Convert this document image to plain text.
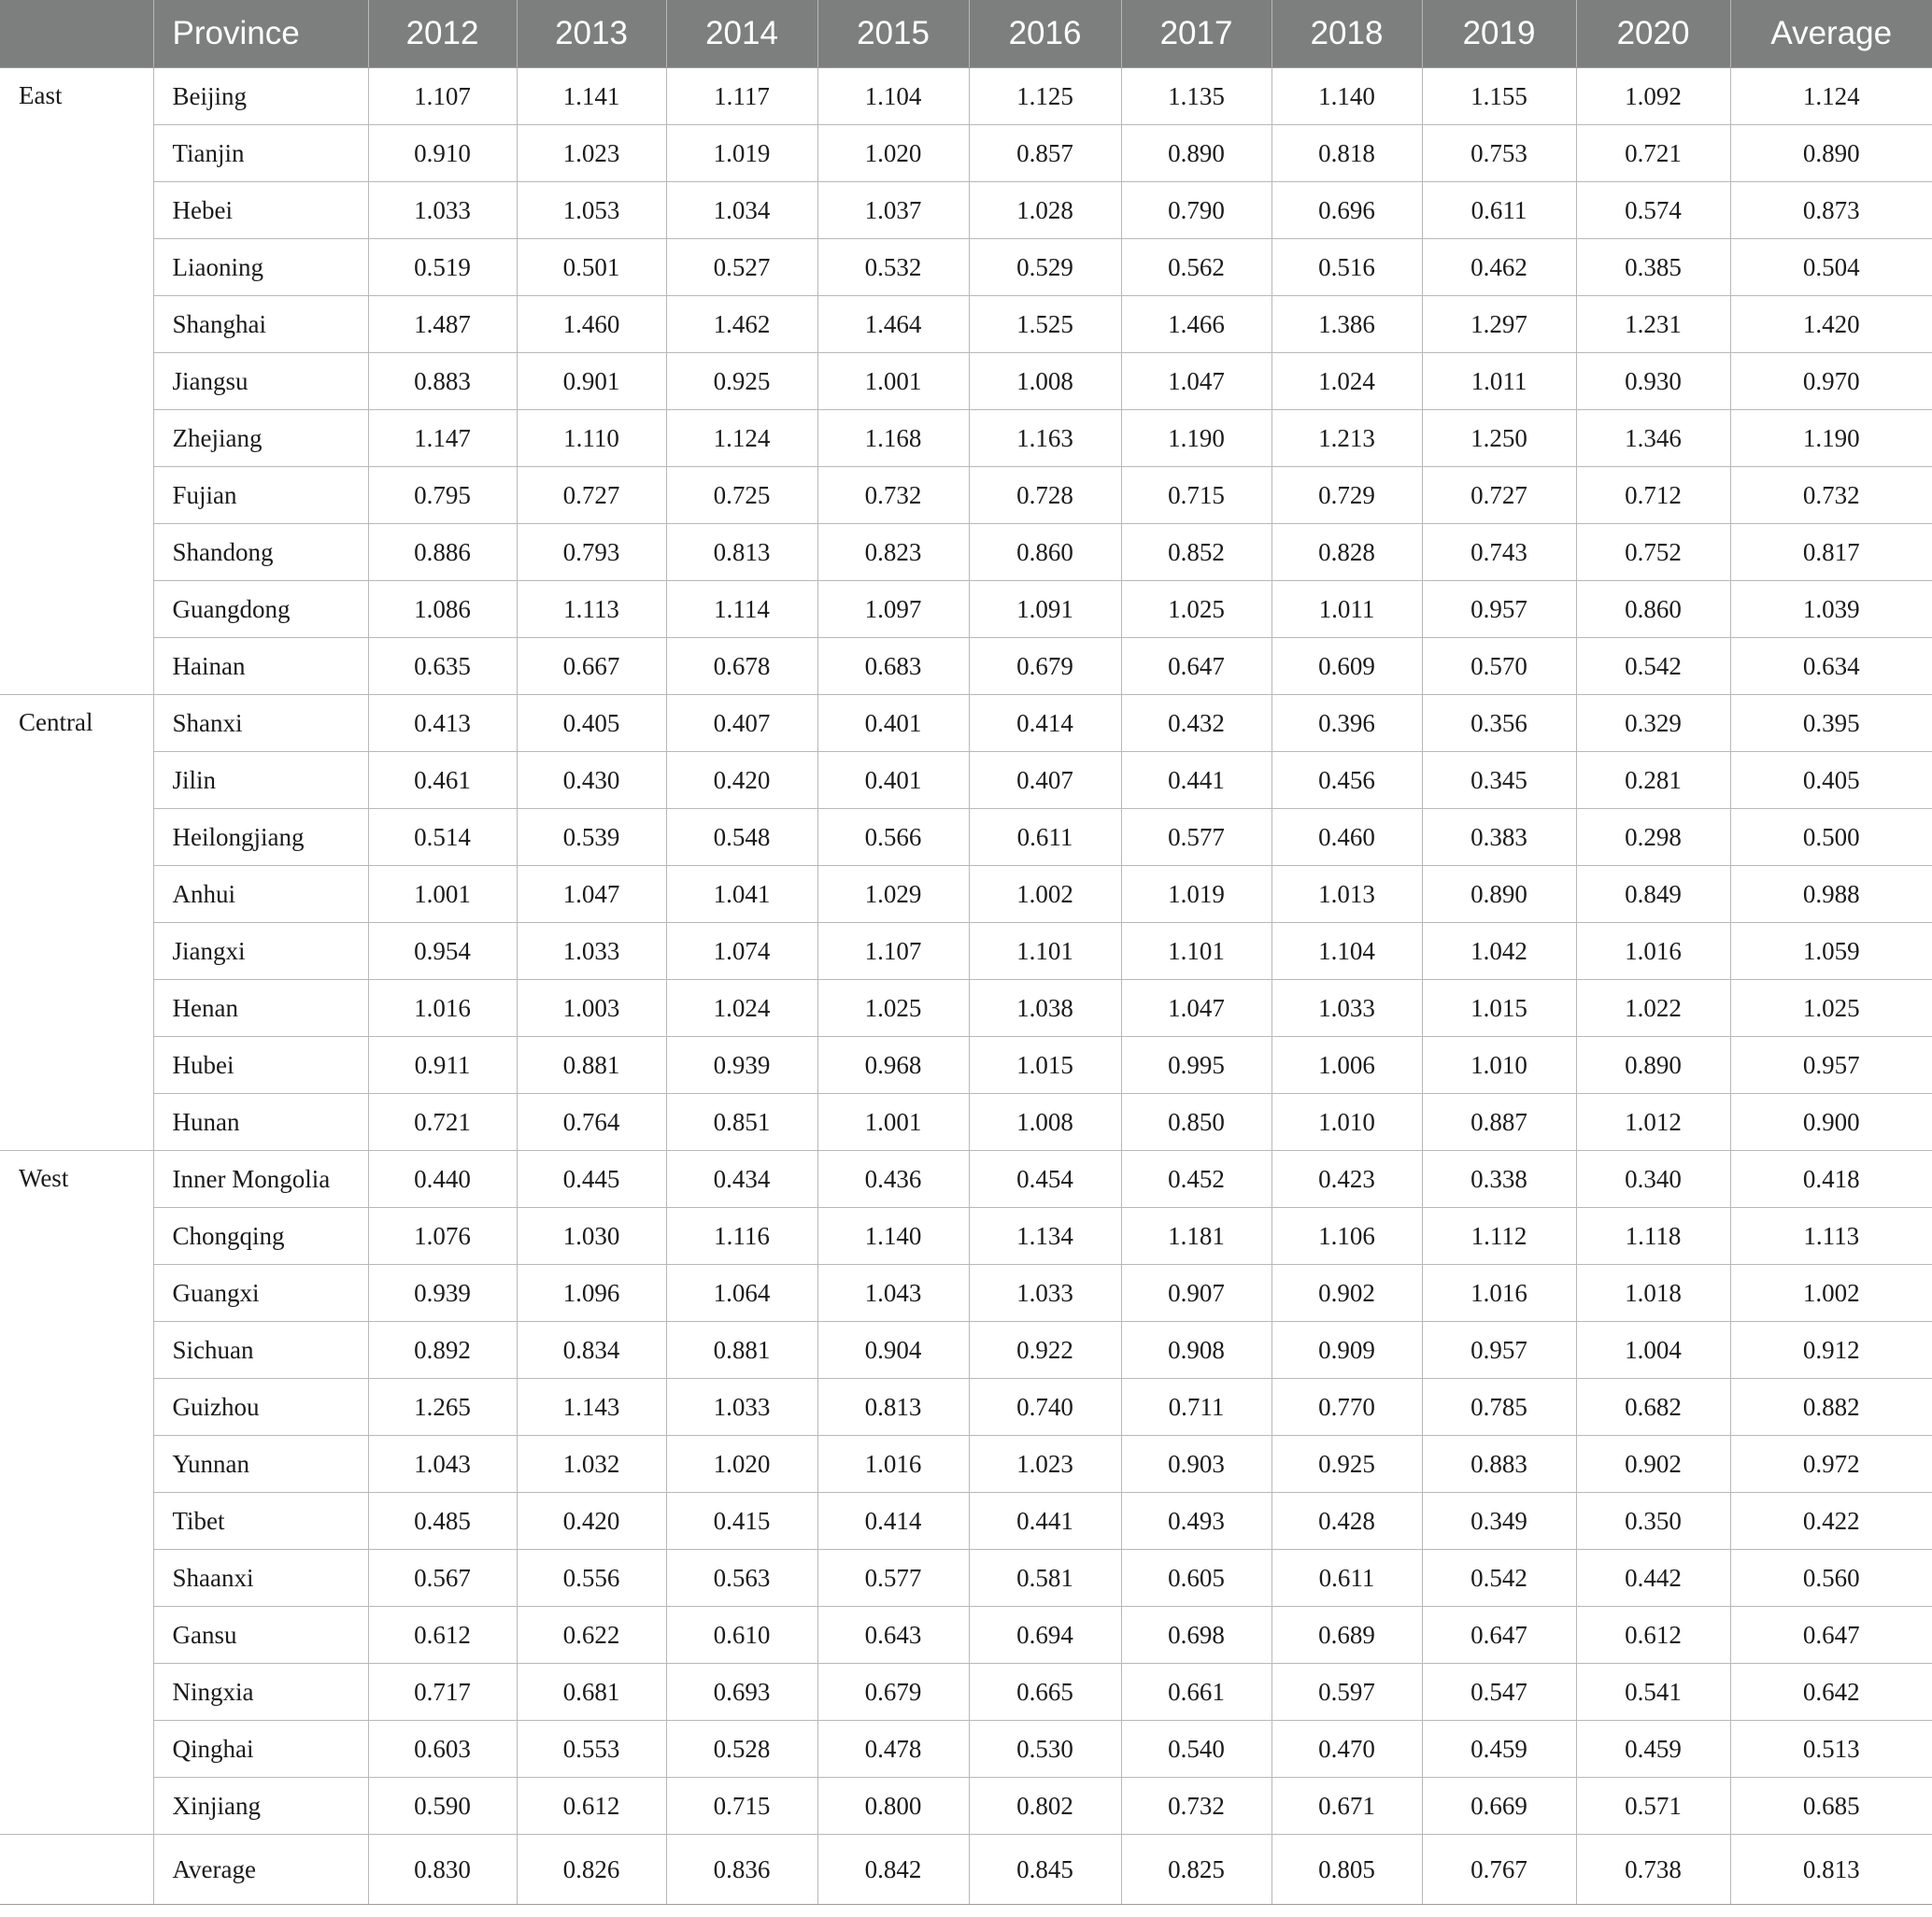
	Province	2012	2013	2014	2015	2016	2017	2018	2019	2020	Average
East	Beijing	1.107	1.141	1.117	1.104	1.125	1.135	1.140	1.155	1.092	1.124
	Tianjin	0.910	1.023	1.019	1.020	0.857	0.890	0.818	0.753	0.721	0.890
	Hebei	1.033	1.053	1.034	1.037	1.028	0.790	0.696	0.611	0.574	0.873
	Liaoning	0.519	0.501	0.527	0.532	0.529	0.562	0.516	0.462	0.385	0.504
	Shanghai	1.487	1.460	1.462	1.464	1.525	1.466	1.386	1.297	1.231	1.420
	Jiangsu	0.883	0.901	0.925	1.001	1.008	1.047	1.024	1.011	0.930	0.970
	Zhejiang	1.147	1.110	1.124	1.168	1.163	1.190	1.213	1.250	1.346	1.190
	Fujian	0.795	0.727	0.725	0.732	0.728	0.715	0.729	0.727	0.712	0.732
	Shandong	0.886	0.793	0.813	0.823	0.860	0.852	0.828	0.743	0.752	0.817
	Guangdong	1.086	1.113	1.114	1.097	1.091	1.025	1.011	0.957	0.860	1.039
	Hainan	0.635	0.667	0.678	0.683	0.679	0.647	0.609	0.570	0.542	0.634
Central	Shanxi	0.413	0.405	0.407	0.401	0.414	0.432	0.396	0.356	0.329	0.395
	Jilin	0.461	0.430	0.420	0.401	0.407	0.441	0.456	0.345	0.281	0.405
	Heilongjiang	0.514	0.539	0.548	0.566	0.611	0.577	0.460	0.383	0.298	0.500
	Anhui	1.001	1.047	1.041	1.029	1.002	1.019	1.013	0.890	0.849	0.988
	Jiangxi	0.954	1.033	1.074	1.107	1.101	1.101	1.104	1.042	1.016	1.059
	Henan	1.016	1.003	1.024	1.025	1.038	1.047	1.033	1.015	1.022	1.025
	Hubei	0.911	0.881	0.939	0.968	1.015	0.995	1.006	1.010	0.890	0.957
	Hunan	0.721	0.764	0.851	1.001	1.008	0.850	1.010	0.887	1.012	0.900
West	Inner Mongolia	0.440	0.445	0.434	0.436	0.454	0.452	0.423	0.338	0.340	0.418
	Chongqing	1.076	1.030	1.116	1.140	1.134	1.181	1.106	1.112	1.118	1.113
	Guangxi	0.939	1.096	1.064	1.043	1.033	0.907	0.902	1.016	1.018	1.002
	Sichuan	0.892	0.834	0.881	0.904	0.922	0.908	0.909	0.957	1.004	0.912
	Guizhou	1.265	1.143	1.033	0.813	0.740	0.711	0.770	0.785	0.682	0.882
	Yunnan	1.043	1.032	1.020	1.016	1.023	0.903	0.925	0.883	0.902	0.972
	Tibet	0.485	0.420	0.415	0.414	0.441	0.493	0.428	0.349	0.350	0.422
	Shaanxi	0.567	0.556	0.563	0.577	0.581	0.605	0.611	0.542	0.442	0.560
	Gansu	0.612	0.622	0.610	0.643	0.694	0.698	0.689	0.647	0.612	0.647
	Ningxia	0.717	0.681	0.693	0.679	0.665	0.661	0.597	0.547	0.541	0.642
	Qinghai	0.603	0.553	0.528	0.478	0.530	0.540	0.470	0.459	0.459	0.513
	Xinjiang	0.590	0.612	0.715	0.800	0.802	0.732	0.671	0.669	0.571	0.685
	Average	0.830	0.826	0.836	0.842	0.845	0.825	0.805	0.767	0.738	0.813
